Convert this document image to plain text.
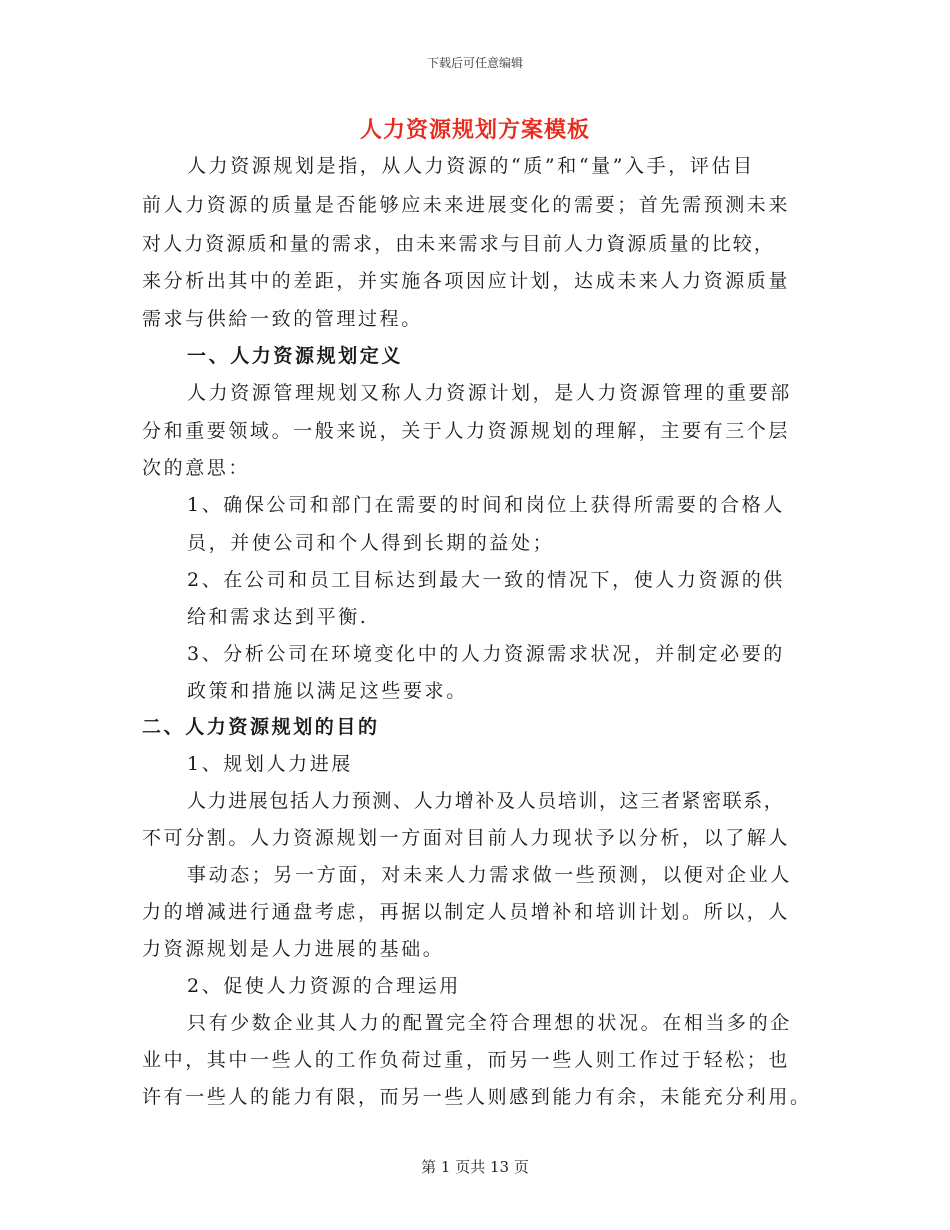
下载后可任意编辑
人力资源规划方案模板
人力资源规划是指，从人力资源的“质”和“量”入手，评估目
前人力资源的质量是否能够应未来进展变化的需要；首先需预测未来
对人力资源质和量的需求，由未来需求与目前人力資源质量的比较，
来分析出其中的差距，并实施各项因应计划，达成未来人力资源质量
需求与供給一致的管理过程。
一、人力资源规划定义
人力资源管理规划又称人力资源计划，是人力资源管理的重要部
分和重要领域。一般来说，关于人力资源规划的理解，主要有三个层
次的意思：
1、确保公司和部门在需要的时间和岗位上获得所需要的合格人
员，并使公司和个人得到长期的益处；
2、在公司和员工目标达到最大一致的情况下，使人力资源的供
给和需求达到平衡.
3、分析公司在环境变化中的人力资源需求状况，并制定必要的
政策和措施以满足这些要求。
二、人力资源规划的目的
1、规划人力进展
人力进展包括人力预测、人力增补及人员培训，这三者紧密联系，
不可分割。人力资源规划一方面对目前人力现状予以分析，以了解人
事动态；另一方面，对未来人力需求做一些预测，以便对企业人
力的增减进行通盘考虑，再据以制定人员增补和培训计划。所以，人
力资源规划是人力进展的基础。
2、促使人力资源的合理运用
只有少数企业其人力的配置完全符合理想的状况。在相当多的企
业中，其中一些人的工作负荷过重，而另一些人则工作过于轻松；也
许有一些人的能力有限，而另一些人则感到能力有余，未能充分利用。
第 1 页共 13 页
